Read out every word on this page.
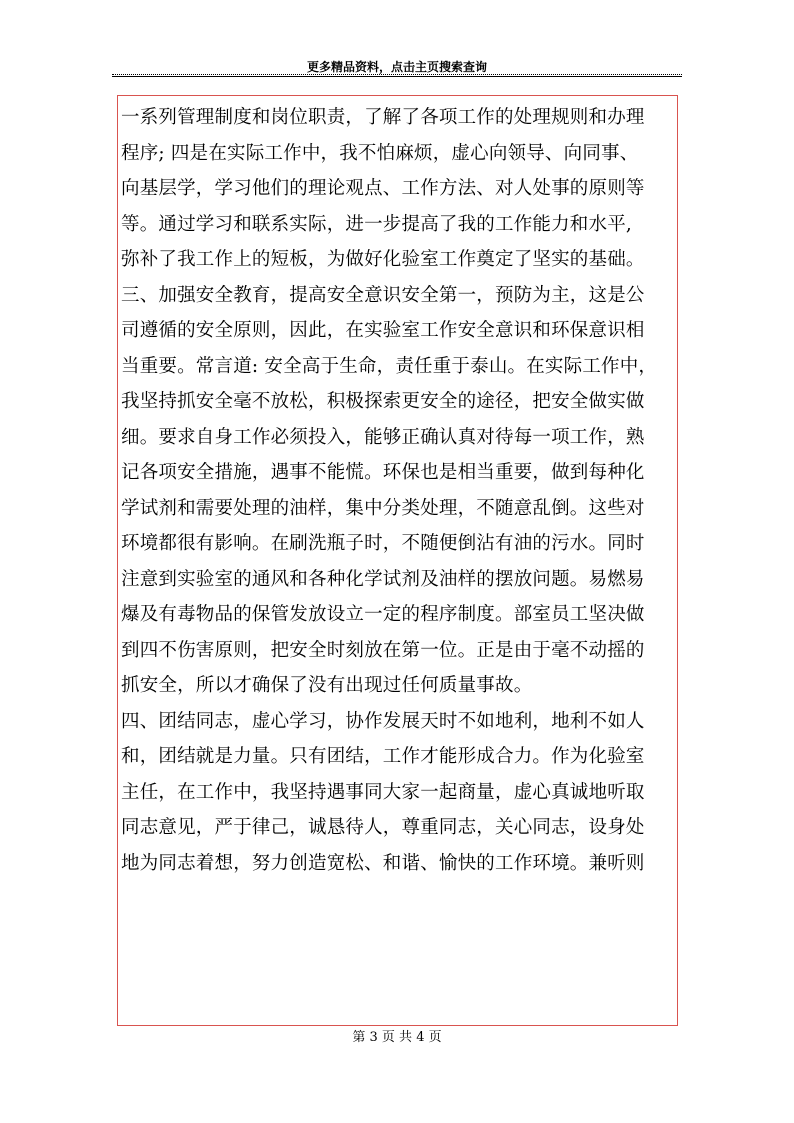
更多精品资料，点击主页搜索查询
一系列管理制度和岗位职责，了解了各项工作的处理规则和办理
程序; 四是在实际工作中，我不怕麻烦，虚心向领导、向同事、
向基层学，学习他们的理论观点、工作方法、对人处事的原则等
等。通过学习和联系实际，进一步提高了我的工作能力和水平,
弥补了我工作上的短板，为做好化验室工作奠定了坚实的基础。
三、加强安全教育，提高安全意识安全第一，预防为主，这是公
司遵循的安全原则，因此，在实验室工作安全意识和环保意识相
当重要。常言道: 安全高于生命，责任重于泰山。在实际工作中，
我坚持抓安全毫不放松，积极探索更安全的途径，把安全做实做
细。要求自身工作必须投入，能够正确认真对待每一项工作，熟
记各项安全措施，遇事不能慌。环保也是相当重要，做到每种化
学试剂和需要处理的油样，集中分类处理，不随意乱倒。这些对
环境都很有影响。在刷洗瓶子时，不随便倒沾有油的污水。同时
注意到实验室的通风和各种化学试剂及油样的摆放问题。易燃易
爆及有毒物品的保管发放设立一定的程序制度。部室员工坚决做
到四不伤害原则，把安全时刻放在第一位。正是由于毫不动摇的
抓安全，所以才确保了没有出现过任何质量事故。
四、团结同志，虚心学习，协作发展天时不如地利，地利不如人
和，团结就是力量。只有团结，工作才能形成合力。作为化验室
主任，在工作中，我坚持遇事同大家一起商量，虚心真诚地听取
同志意见，严于律己，诚恳待人，尊重同志，关心同志，设身处
地为同志着想，努力创造宽松、和谐、愉快的工作环境。兼听则
第 3 页 共 4 页
